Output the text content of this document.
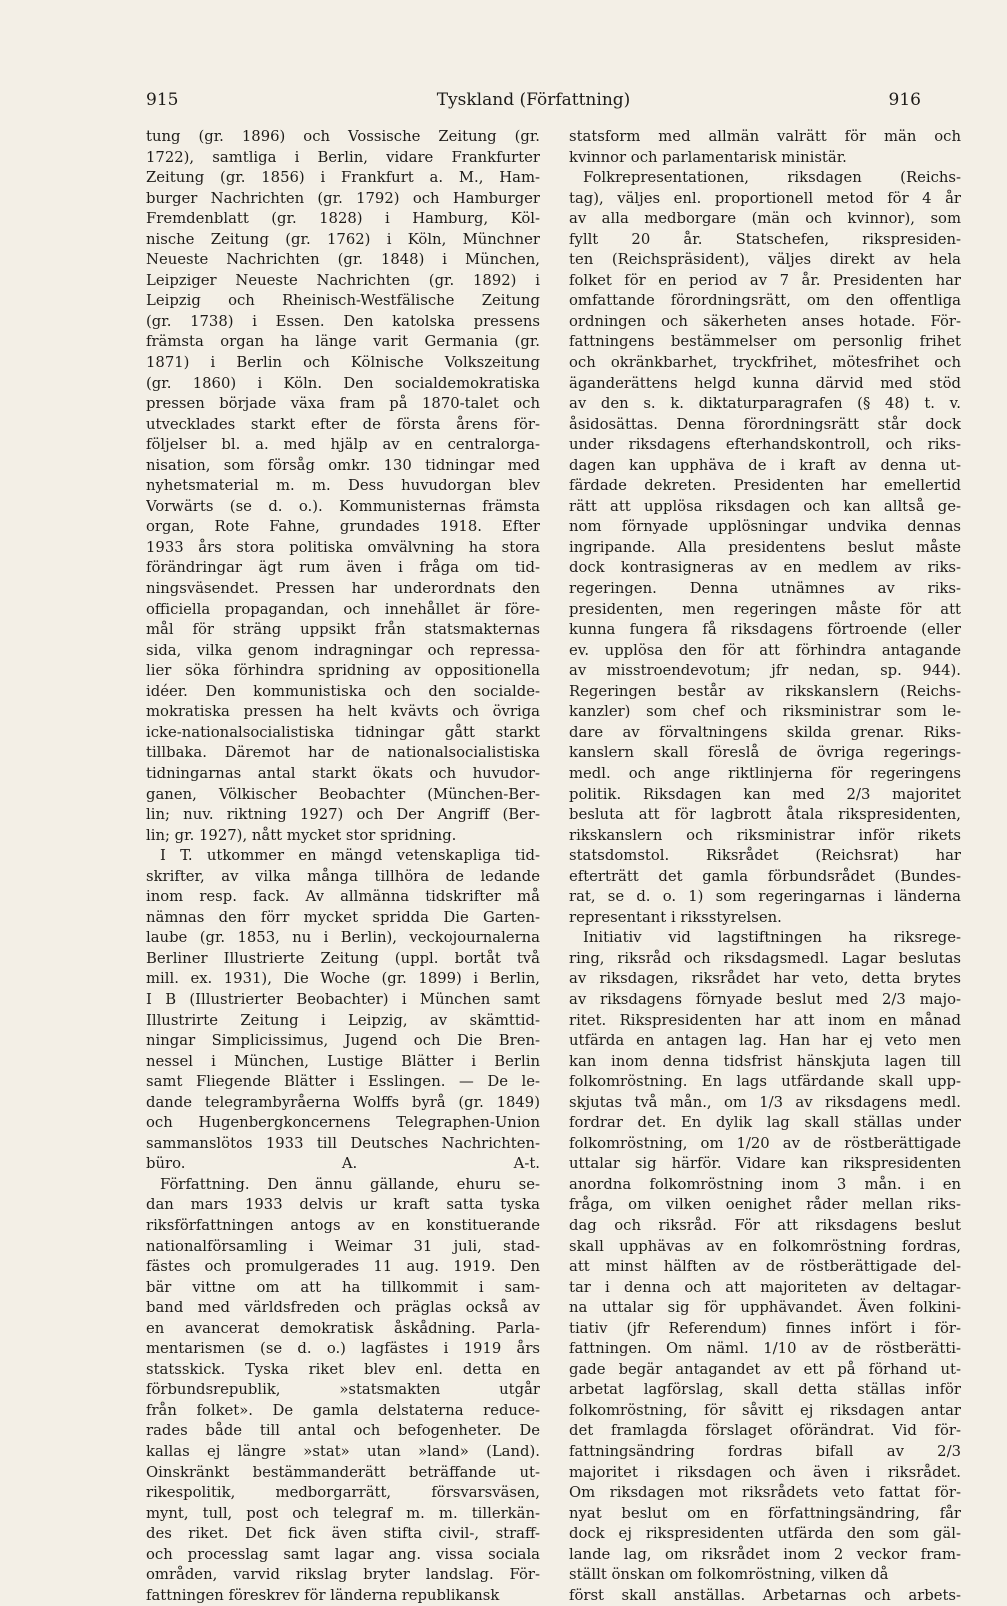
915	Tyskland (Författning)	916
tung (gr. 1896) och Vossische Zeitung (gr.
1722), samtliga i Berlin, vidare Frankfurter
Zeitung (gr. 1856) i Frankfurt a. M., Ham-
burger Nachrichten (gr. 1792) och Hamburger
Fremdenblatt (gr. 1828) i Hamburg, Köl-
nische Zeitung (gr. 1762) i Köln, Münchner
Neueste Nachrichten (gr. 1848) i München,
Leipziger Neueste Nachrichten (gr. 1892) i
Leipzig och Rheinisch-Westfälische Zeitung
(gr. 1738) i Essen. Den katolska pressens
främsta organ ha länge varit Germania (gr.
1871) i Berlin och Kölnische Volkszeitung
(gr. 1860) i Köln. Den socialdemokratiska
pressen började växa fram på 1870-talet och
utvecklades starkt efter de första årens för-
följelser bl. a. med hjälp av en centralorga-
nisation, som försåg omkr. 130 tidningar med
nyhetsmaterial m. m. Dess huvudorgan blev
Vorwärts (se d. o.). Kommunisternas främsta
organ, Rote Fahne, grundades 1918. Efter
1933 års stora politiska omvälvning ha stora
förändringar ägt rum även i fråga om tid-
ningsväsendet. Pressen har underordnats den
officiella propagandan, och innehållet är före-
mål för sträng uppsikt från statsmakternas
sida, vilka genom indragningar och repressa-
lier söka förhindra spridning av oppositionella
idéer. Den kommunistiska och den socialde-
mokratiska pressen ha helt kvävts och övriga
icke-nationalsocialistiska tidningar gått starkt
tillbaka. Däremot har de nationalsocialistiska
tidningarnas antal starkt ökats och huvudor-
ganen, Völkischer Beobachter (München-Ber-
lin; nuv. riktning 1927) och Der Angriff (Ber-
lin; gr. 1927), nått mycket stor spridning.
I T. utkommer en mängd vetenskapliga tid-
skrifter, av vilka många tillhöra de ledande
inom resp. fack. Av allmänna tidskrifter må
nämnas den förr mycket spridda Die Garten-
laube (gr. 1853, nu i Berlin), veckojournalerna
Berliner Illustrierte Zeitung (uppl. bortåt två
mill. ex. 1931), Die Woche (gr. 1899) i Berlin,
I B (Illustrierter Beobachter) i München samt
Illustrirte Zeitung i Leipzig, av skämttid-
ningar Simplicissimus, Jugend och Die Bren-
nessel i München, Lustige Blätter i Berlin
samt Fliegende Blätter i Esslingen. — De le-
dande telegrambyråerna Wolffs byrå (gr. 1849)
och Hugenbergkoncernens Telegraphen-Union
sammanslötos 1933 till Deutsches Nachrichten-
büro. A. A-t.
Författning. Den ännu gällande, ehuru se-
dan mars 1933 delvis ur kraft satta tyska
riksförfattningen antogs av en konstituerande
nationalförsamling i Weimar 31 juli, stad-
fästes och promulgerades 11 aug. 1919. Den
bär vittne om att ha tillkommit i sam-
band med världsfreden och präglas också av
en avancerat demokratisk åskådning. Parla-
mentarismen (se d. o.) lagfästes i 1919 års
statsskick. Tyska riket blev enl. detta en
förbundsrepublik, »statsmakten utgår
från folket». De gamla delstaterna reduce-
rades både till antal och befogenheter. De
kallas ej längre »stat» utan »land» (Land).
Oinskränkt bestämmanderätt beträffande ut-
rikespolitik, medborgarrätt, försvarsväsen,
mynt, tull, post och telegraf m. m. tillerkän-
des riket. Det fick även stifta civil-, straff-
och processlag samt lagar ang. vissa sociala
områden, varvid rikslag bryter landslag. För-
fattningen föreskrev för länderna republikansk
statsform med allmän valrätt för män och
kvinnor och parlamentarisk ministär.
Folkrepresentationen, riksdagen (Reichs-
tag), väljes enl. proportionell metod för 4 år
av alla medborgare (män och kvinnor), som
fyllt 20 år. Statschefen, rikspresiden-
ten (Reichspräsident), väljes direkt av hela
folket för en period av 7 år. Presidenten har
omfattande förordningsrätt, om den offentliga
ordningen och säkerheten anses hotade. För-
fattningens bestämmelser om personlig frihet
och okränkbarhet, tryckfrihet, mötesfrihet och
äganderättens helgd kunna därvid med stöd
av den s. k. diktaturparagrafen (§ 48) t. v.
åsidosättas. Denna förordningsrätt står dock
under riksdagens efterhandskontroll, och riks-
dagen kan upphäva de i kraft av denna ut-
färdade dekreten. Presidenten har emellertid
rätt att upplösa riksdagen och kan alltså ge-
nom förnyade upplösningar undvika dennas
ingripande. Alla presidentens beslut måste
dock kontrasigneras av en medlem av riks-
regeringen. Denna utnämnes av riks-
presidenten, men regeringen måste för att
kunna fungera få riksdagens förtroende (eller
ev. upplösa den för att förhindra antagande
av misstroendevotum; jfr nedan, sp. 944).
Regeringen består av rikskanslern (Reichs-
kanzler) som chef och riksministrar som le-
dare av förvaltningens skilda grenar. Riks-
kanslern skall föreslå de övriga regerings-
medl. och ange riktlinjerna för regeringens
politik. Riksdagen kan med 2/3 majoritet
besluta att för lagbrott åtala rikspresidenten,
rikskanslern och riksministrar inför rikets
statsdomstol. Riksrådet (Reichsrat) har
efterträtt det gamla förbundsrådet (Bundes-
rat, se d. o. 1) som regeringarnas i länderna
representant i riksstyrelsen.
Initiativ vid lagstiftningen ha riksrege-
ring, riksråd och riksdagsmedl. Lagar beslutas
av riksdagen, riksrådet har veto, detta brytes
av riksdagens förnyade beslut med 2/3 majo-
ritet. Rikspresidenten har att inom en månad
utfärda en antagen lag. Han har ej veto men
kan inom denna tidsfrist hänskjuta lagen till
folkomröstning. En lags utfärdande skall upp-
skjutas två mån., om 1/3 av riksdagens medl.
fordrar det. En dylik lag skall ställas under
folkomröstning, om 1/20 av de röstberättigade
uttalar sig härför. Vidare kan rikspresidenten
anordna folkomröstning inom 3 mån. i en
fråga, om vilken oenighet råder mellan riks-
dag och riksråd. För att riksdagens beslut
skall upphävas av en folkomröstning fordras,
att minst hälften av de röstberättigade del-
tar i denna och att majoriteten av deltagar-
na uttalar sig för upphävandet. Även folkini-
tiativ (jfr Referendum) finnes infört i för-
fattningen. Om näml. 1/10 av de röstberätti-
gade begär antagandet av ett på förhand ut-
arbetat lagförslag, skall detta ställas inför
folkomröstning, för såvitt ej riksdagen antar
det framlagda förslaget oförändrat. Vid för-
fattningsändring fordras bifall av 2/3
majoritet i riksdagen och även i riksrådet.
Om riksdagen mot riksrådets veto fattat för-
nyat beslut om en författningsändring, får
dock ej rikspresidenten utfärda den som gäl-
lande lag, om riksrådet inom 2 veckor fram-
ställt önskan om folkomröstning, vilken då
först skall anställas. Arbetarnas och arbets-
